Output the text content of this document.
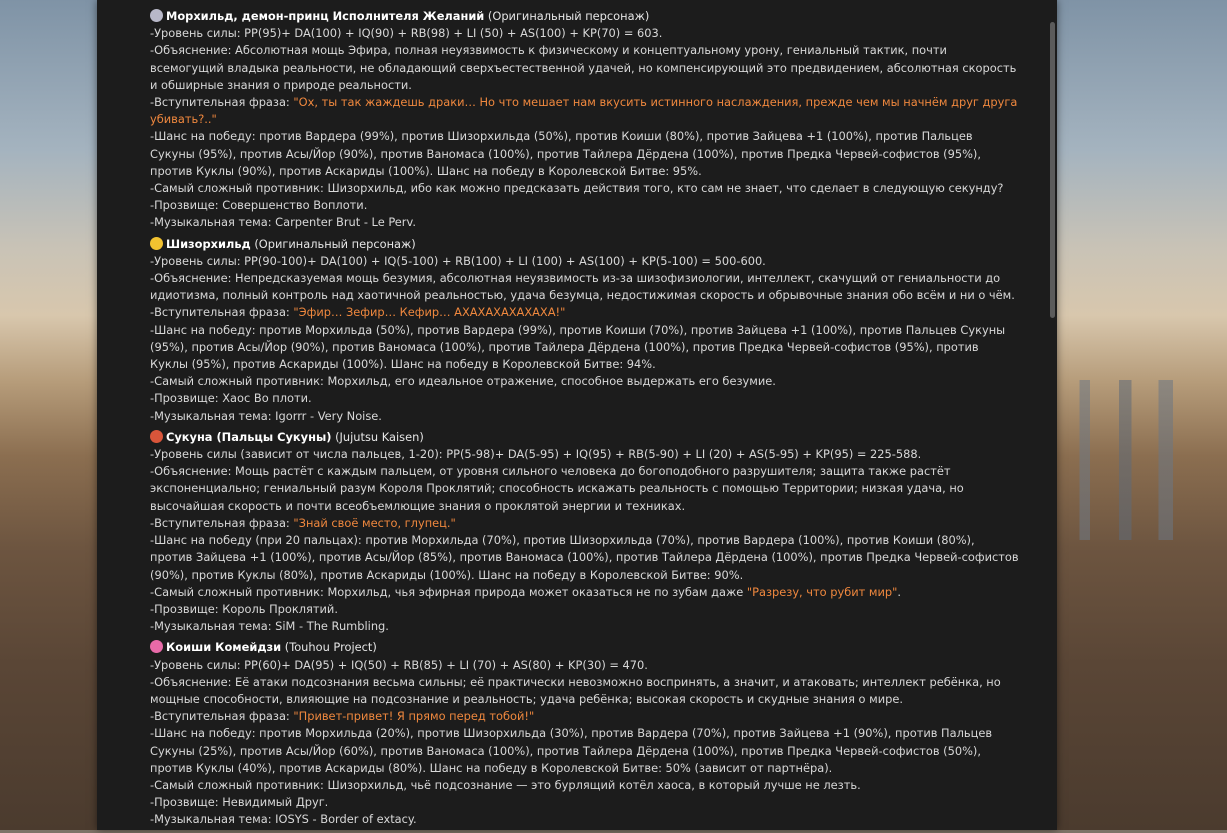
Морхильд, демон-принц Исполнителя Желаний (Оригинальный персонаж)
-Уровень силы: PP(95)+ DA(100) + IQ(90) + RB(98) + LI (50) + AS(100) + KP(70) = 603.
-Объяснение: Абсолютная мощь Эфира, полная неуязвимость к физическому и концептуальному урону, гениальный тактик, почти всемогущий владыка реальности, не обладающий сверхъестественной удачей, но компенсирующий это предвидением, абсолютная скорость и обширные знания о природе реальности.
-Вступительная фраза: "Ох, ты так жаждешь драки… Но что мешает нам вкусить истинного наслаждения, прежде чем мы начнём друг друга убивать?.."
-Шанс на победу: против Вардера (99%), против Шизорхильда (50%), против Коиши (80%), против Зайцева +1 (100%), против Пальцев Сукуны (95%), против Асы/Йор (90%), против Ваномаса (100%), против Тайлера Дёрдена (100%), против Предка Червей-софистов (95%), против Куклы (90%), против Аскариды (100%). Шанс на победу в Королевской Битве: 95%.
-Самый сложный противник: Шизорхильд, ибо как можно предсказать действия того, кто сам не знает, что сделает в следующую секунду?
-Прозвище: Совершенство Воплоти.
-Музыкальная тема: Carpenter Brut - Le Perv.
Шизорхильд (Оригинальный персонаж)
-Уровень силы: PP(90-100)+ DA(100) + IQ(5-100) + RB(100) + LI (100) + AS(100) + KP(5-100) = 500-600.
-Объяснение: Непредсказуемая мощь безумия, абсолютная неуязвимость из-за шизофизиологии, интеллект, скачущий от гениальности до идиотизма, полный контроль над хаотичной реальностью, удача безумца, недостижимая скорость и обрывочные знания обо всём и ни о чём.
-Вступительная фраза: "Эфир… Зефир… Кефир… АХАХАХАХАХАХА!"
-Шанс на победу: против Морхильда (50%), против Вардера (99%), против Коиши (70%), против Зайцева +1 (100%), против Пальцев Сукуны (95%), против Асы/Йор (90%), против Ваномаса (100%), против Тайлера Дёрдена (100%), против Предка Червей-софистов (95%), против Куклы (95%), против Аскариды (100%). Шанс на победу в Королевской Битве: 94%.
-Самый сложный противник: Морхильд, его идеальное отражение, способное выдержать его безумие.
-Прозвище: Хаос Во плоти.
-Музыкальная тема: Igorrr - Very Noise.
Сукуна (Пальцы Сукуны) (Jujutsu Kaisen)
-Уровень силы (зависит от числа пальцев, 1-20): PP(5-98)+ DA(5-95) + IQ(95) + RB(5-90) + LI (20) + AS(5-95) + KP(95) = 225-588.
-Объяснение: Мощь растёт с каждым пальцем, от уровня сильного человека до богоподобного разрушителя; защита также растёт экспоненциально; гениальный разум Короля Проклятий; способность искажать реальность с помощью Территории; низкая удача, но высочайшая скорость и почти всеобъемлющие знания о проклятой энергии и техниках.
-Вступительная фраза: "Знай своё место, глупец."
-Шанс на победу (при 20 пальцах): против Морхильда (70%), против Шизорхильда (70%), против Вардера (100%), против Коиши (80%), против Зайцева +1 (100%), против Асы/Йор (85%), против Ваномаса (100%), против Тайлера Дёрдена (100%), против Предка Червей-софистов (90%), против Куклы (80%), против Аскариды (100%). Шанс на победу в Королевской Битве: 90%.
-Самый сложный противник: Морхильд, чья эфирная природа может оказаться не по зубам даже "Разрезу, что рубит мир".
-Прозвище: Король Проклятий.
-Музыкальная тема: SiM - The Rumbling.
Коиши Комейдзи (Touhou Project)
-Уровень силы: PP(60)+ DA(95) + IQ(50) + RB(85) + LI (70) + AS(80) + KP(30) = 470.
-Объяснение: Её атаки подсознания весьма сильны; её практически невозможно воспринять, а значит, и атаковать; интеллект ребёнка, но мощные способности, влияющие на подсознание и реальность; удача ребёнка; высокая скорость и скудные знания о мире.
-Вступительная фраза: "Привет-привет! Я прямо перед тобой!"
-Шанс на победу: против Морхильда (20%), против Шизорхильда (30%), против Вардера (70%), против Зайцева +1 (90%), против Пальцев Сукуны (25%), против Асы/Йор (60%), против Ваномаса (100%), против Тайлера Дёрдена (100%), против Предка Червей-софистов (50%), против Куклы (40%), против Аскариды (80%). Шанс на победу в Королевской Битве: 50% (зависит от партнёра).
-Самый сложный противник: Шизорхильд, чьё подсознание — это бурлящий котёл хаоса, в который лучше не лезть.
-Прозвище: Невидимый Друг.
-Музыкальная тема: IOSYS - Border of extacy.
